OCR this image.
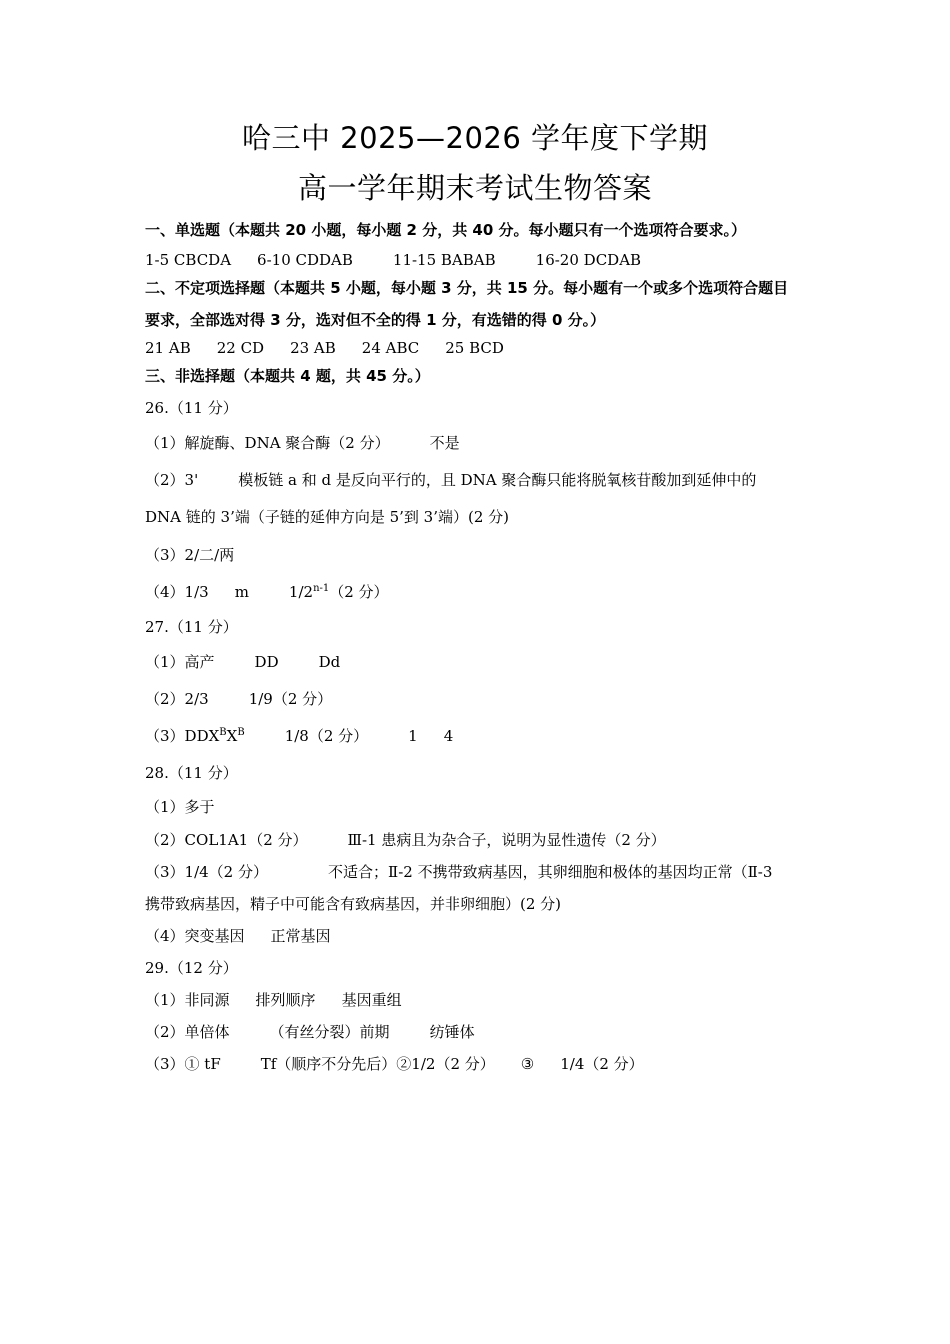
哈三中 2025—2026 学年度下学期
高一学年期末考试生物答案
一、单选题（本题共 20 小题，每小题 2 分，共 40 分。每小题只有一个选项符合要求。）
1-5 CBCDA 6-10 CDDAB	11-15 BABAB	16-20 DCDAB
二、不定项选择题（本题共 5 小题，每小题 3 分，共 15 分。每小题有一个或多个选项符合题目
要求，全部选对得 3 分，选对但不全的得 1 分，有选错的得 0 分。）
21 AB 22 CD 23 AB 24 ABC 25 BCD
三、非选择题（本题共 4 题，共 45 分。）
26.（11 分）
（1）解旋酶、DNA 聚合酶（2 分）	不是
（2）3'	模板链 a 和 d 是反向平行的，且 DNA 聚合酶只能将脱氧核苷酸加到延伸中的
DNA 链的 3’端（子链的延伸方向是 5’到 3’端）(2 分)
（3）2/二/两
（4）1/3 m	1/2$^{n-1}$（2 分）
27.（11 分）
（1）高产	DD	Dd
（2）2/3	1/9（2 分）
$(3)DDX^BX^B$	1/8（2 分）	1 4
28.（11 分）
（1）多于
（2）COL1A1（2 分）	Ⅲ-1 患病且为杂合子，说明为显性遗传（2 分）
（3）1/4（2 分）	不适合；Ⅱ-2 不携带致病基因，其卵细胞和极体的基因均正常（Ⅱ-3
携带致病基因，精子中可能含有致病基因，并非卵细胞）(2 分)
（4）突变基因 正常基因
29.（12 分）
（1）非同源 排列顺序 基因重组
（2）单倍体	（有丝分裂）前期	纺锤体
（3）① tF	Tf（顺序不分先后）②1/2（2 分） ③ 1/4（2 分）
